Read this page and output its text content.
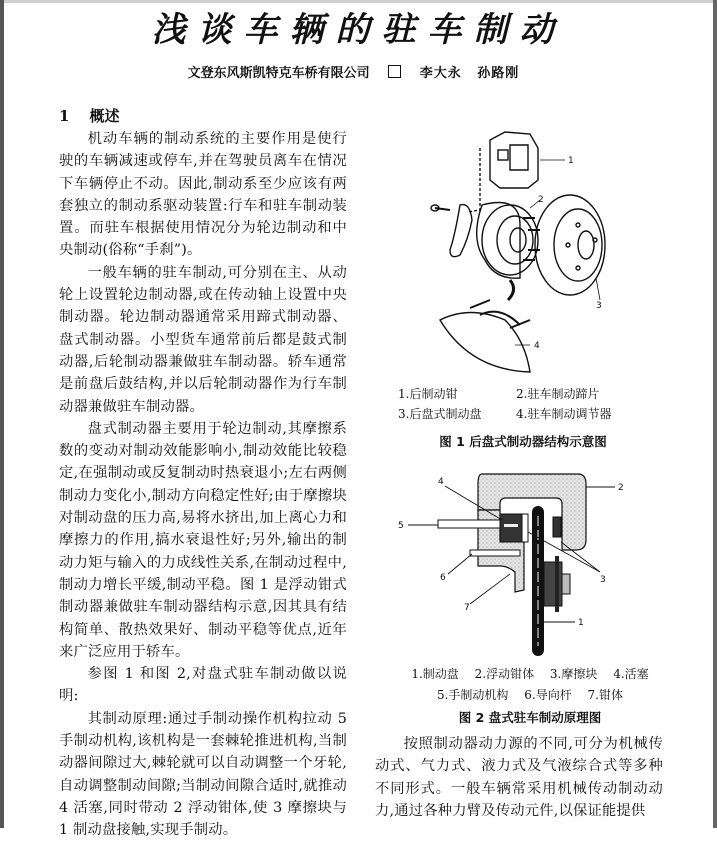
浅谈车辆的驻车制动
文登东风斯凯特克车桥有限公司	李大永 孙路刚
1 概述

机动车辆的制动系统的主要作用是使行驶的车辆减速或停车,并在驾驶员离车在情况下车辆停止不动。因此,制动系至少应该有两套独立的制动系驱动装置:行车和驻车制动装置。而驻车根据使用情况分为轮边制动和中央制动(俗称“手刹”)。

一般车辆的驻车制动,可分别在主、从动轮上设置轮边制动器,或在传动轴上设置中央制动器。轮边制动器通常采用蹄式制动器、盘式制动器。小型货车通常前后都是鼓式制动器,后轮制动器兼做驻车制动器。轿车通常是前盘后鼓结构,并以后轮制动器作为行车制动器兼做驻车制动器。

盘式制动器主要用于轮边制动,其摩擦系数的变动对制动效能影响小,制动效能比较稳定,在强制动或反复制动时热衰退小;左右两侧制动力变化小,制动方向稳定性好;由于摩擦块对制动盘的压力高,易将水挤出,加上离心力和摩擦力的作用,搞水衰退性好;另外,输出的制动力矩与输入的力成线性关系,在制动过程中,制动力增长平缓,制动平稳。图 1 是浮动钳式制动器兼做驻车制动器结构示意,因其具有结构简单、散热效果好、制动平稳等优点,近年来广泛应用于轿车。

参图 1 和图 2,对盘式驻车制动做以说明:

其制动原理:通过手制动操作机构拉动 5 手制动机构,该机构是一套棘轮推进机构,当制动器间隙过大,棘轮就可以自动调整一个牙轮,自动调整制动间隙;当制动间隙合适时,就推动 4 活塞,同时带动 2 浮动钳体,使 3 摩擦块与 1 制动盘接触,实现手制动。

1
2
3
4
1.后制动钳	2.驻车制动蹄片
3.后盘式制动盘	4.驻车制动调节器
图 1 后盘式制动器结构示意图
4
2
3
5
6
7
1
1.制动盘 2.浮动钳体 3.摩擦块 4.活塞
5.手制动机构 6.导向杆 7.钳体
图 2 盘式驻车制动原理图

按照制动器动力源的不同,可分为机械传动式、气力式、液力式及气液综合式等多种不同形式。一般车辆常采用机械传动制动动力,通过各种力臂及传动元件,以保证能提供
